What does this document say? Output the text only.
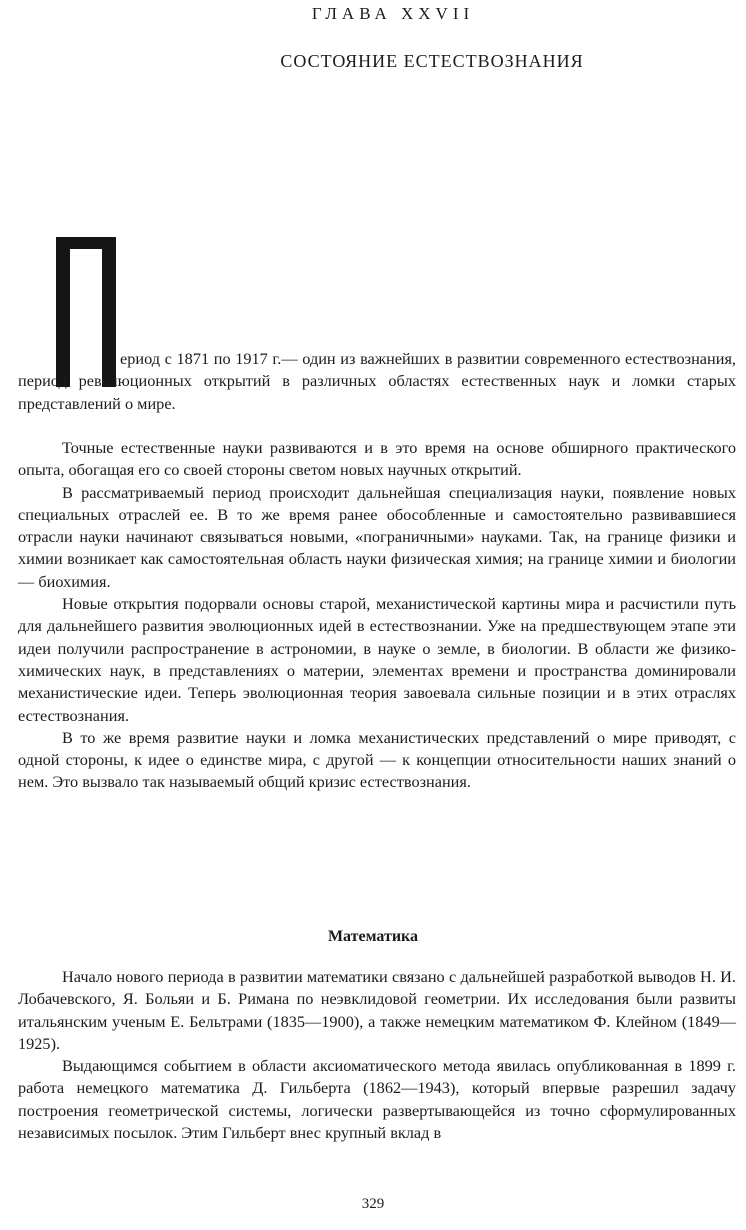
ГЛАВА XXVII
СОСТОЯНИЕ ЕСТЕСТВОЗНАНИЯ

ериод с 1871 по 1917 г.— один из важнейших в развитии современного естествознания, период революционных открытий в различных областях естественных наук и ломки старых представлений о мире.

Точные естественные науки развиваются и в это время на основе обширного практического опыта, обогащая его со своей стороны светом новых научных открытий.

В рассматриваемый период происходит дальнейшая специализация науки, появление новых специальных отраслей ее. В то же время ранее обособленные и самостоятельно развивавшиеся отрасли науки начинают связываться новыми, «пограничными» науками. Так, на границе физики и химии возникает как самостоятельная область науки физическая химия; на границе химии и биологии — биохимия.

Новые открытия подорвали основы старой, механистической картины мира и расчистили путь для дальнейшего развития эволюционных идей в естествознании. Уже на предшествующем этапе эти идеи получили распространение в астрономии, в науке о земле, в биологии. В области же физико-химических наук, в представлениях о материи, элементах времени и пространства доминировали механистические идеи. Теперь эволюционная теория завоевала сильные позиции и в этих отраслях естествознания.

В то же время развитие науки и ломка механистических представлений о мире приводят, с одной стороны, к идее о единстве мира, с другой — к концепции относительности наших знаний о нем. Это вызвало так называемый общий кризис естествознания.

Математика

Начало нового периода в развитии математики связано с дальнейшей разработкой выводов Н. И. Лобачевского, Я. Больяи и Б. Римана по неэвклидовой геометрии. Их исследования были развиты итальянским ученым Е. Бельтрами (1835—1900), а также немецким математиком Ф. Клейном (1849—1925).

Выдающимся событием в области аксиоматического метода явилась опубликованная в 1899 г. работа немецкого математика Д. Гильберта (1862—1943), который впервые разрешил задачу построения геометрической системы, логически развертывающейся из точно сформулированных независимых посылок. Этим Гильберт внес крупный вклад в

329
